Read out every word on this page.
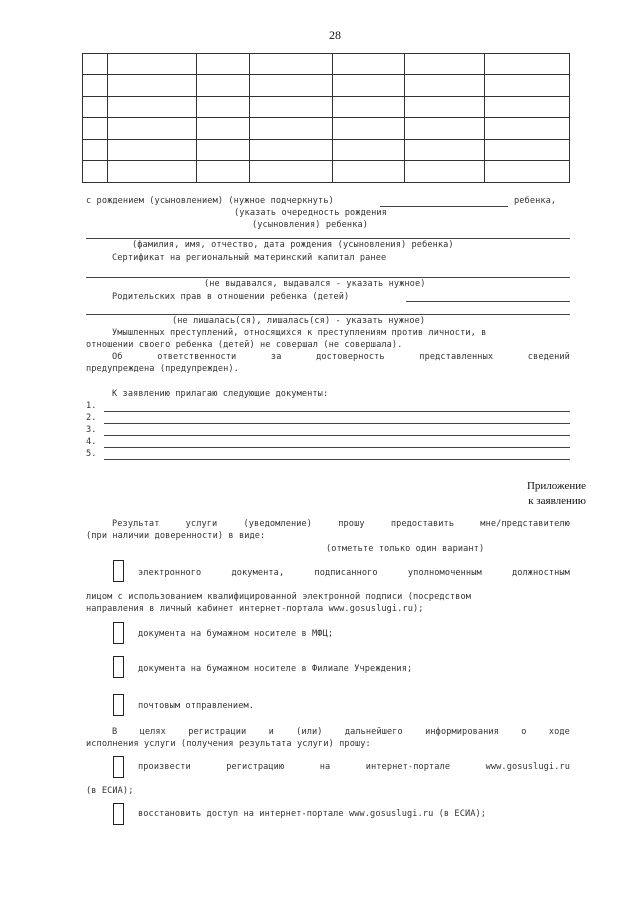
28
с рождением (усыновлением) (нужное подчеркнуть)	ребенка,
(указать очередность рождения
(усыновления) ребенка)
(фамилия, имя, отчество, дата рождения (усыновления) ребенка)
Сертификат на региональный материнский капитал ранее
(не выдавался, выдавался - указать нужное)
Родительских прав в отношении ребенка (детей)
(не лишалась(ся), лишалась(ся) - указать нужное)
Умышленных преступлений, относящихся к преступлениям против личности, в
отношении своего ребенка (детей) не совершал (не совершала).
Об	ответственности	за	достоверность	представленных	сведений
предупреждена (предупрежден).
К заявлению прилагаю следующие документы:
1.
2.
3.
4.
5.
Приложение
к заявлению
Результат	услуги	(уведомление)	прошу	предоставить	мне/представителю
(при наличии доверенности) в виде:
(отметьте только один вариант)
электронного	документа,	подписанного	уполномоченным	должностным
лицом с использованием квалифицированной электронной подписи (посредством
направления в личный кабинет интернет-портала www.gosuslugi.ru);
документа на бумажном носителе в МФЦ;
документа на бумажном носителе в Филиале Учреждения;
почтовым отправлением.
В	целях	регистрации	и	(или)	дальнейшего	информирования	о	ходе
исполнения услуги (получения результата услуги) прошу:
произвести	регистрацию	на	интернет-портале	www.gosuslugi.ru
(в ЕСИА);
восстановить доступ на интернет-портале www.gosuslugi.ru (в ЕСИА);
